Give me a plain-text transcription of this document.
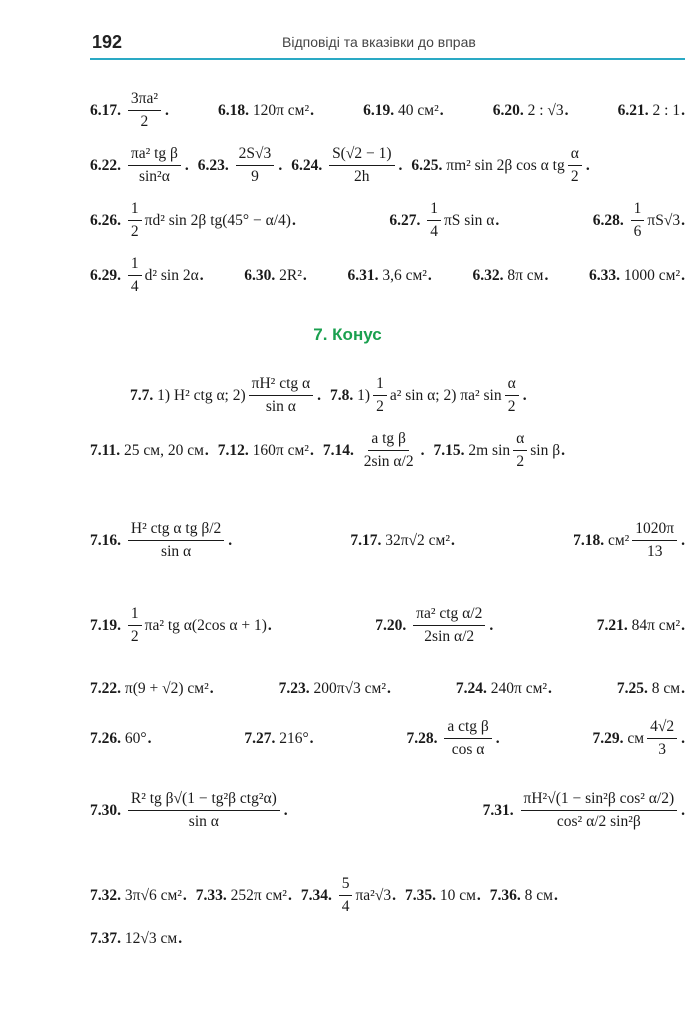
192	Відповіді та вказівки до вправ
7. Конус
6.17.
$\frac{\text{3πa²}}{2}$ .	6.18.
120π см² .	6.19.
40 см² .	6.20.
2 : √3 .	6.21.
2 : 1 .
6.22.
$\frac{\text{πa² tg β}}{\text{sin²α}}$ . 6.23.
$\frac{2S√3}{9}$ . 6.24.
$\frac{S(√2 - 1)}{2h}$ . 6.25.
πm² sin 2β cos α tg $\frac{\alpha}{2}$ .
6.26.
$\frac{1}{2} \pi d^2$ sin 2β tg(45° − α/4) .	6.27.
$\frac{1}{4}$ πS sin α .	6.28.
$\frac{1}{6} \pi S√3$ .
6.29.
$\frac{1}{4} d^2$ sin 2α .	6.30.
2R² .	6.31.
3,6 см² .	6.32.
8π см .	6.33.
1000 см² .
7.7.
1) H² ctg α; $2) \frac{\text{πH² ctg α}}{\text{sin α}}$ . 7.8.
$1) \frac{1}{2} a^2$ sin α; 2) πa² $\sin \frac{\alpha}{2}$ .
7.11.
25 см, 20 см . 7.12.
160π см² . 7.14.
$\frac{\text{a tg β}}{\text{2sin α/2}}$ . 7.15.
2m $\sin \frac{\alpha}{2}$ sin β .
7.16.
$\frac{\text{H² ctg α tg β/2}}{\text{sin α}}$ .	7.17.
32π√2 см² .	7.18.
$см^2 \frac{1020\pi}{13}$ .
7.19.
$\frac{1}{2} \pi a^2$ tg α(2cos α + 1) .	7.20.
$\frac{\text{πa² ctg α/2}}{\text{2sin α/2}}$ .	7.21.
84π см² .
7.22.
π(9 + √2) см² .	7.23.
200π√3 см² .	7.24.
240π см² .	7.25.
8 см .
7.26.
60° .	7.27.
216° .	7.28.
$\frac{\text{a ctg β}}{\text{cos α}}$ .	7.29.
см $\frac{4√2}{3}$ .
7.30.
$\frac{\text{R² tg β√(1 − tg²β ctg²α)}}{\text{sin α}}$ .	7.31.
$\frac{\text{πH²√(1 − sin²β cos² α/2)}}{\text{cos² α/2 sin²β}}$ .
7.32.
3π√6 см² . 7.33.
252π см² . 7.34.
$\frac{5}{4} \pi a^2√3$ . 7.35.
10 см . 7.36.
8 см .
7.37.
12√3 см .
